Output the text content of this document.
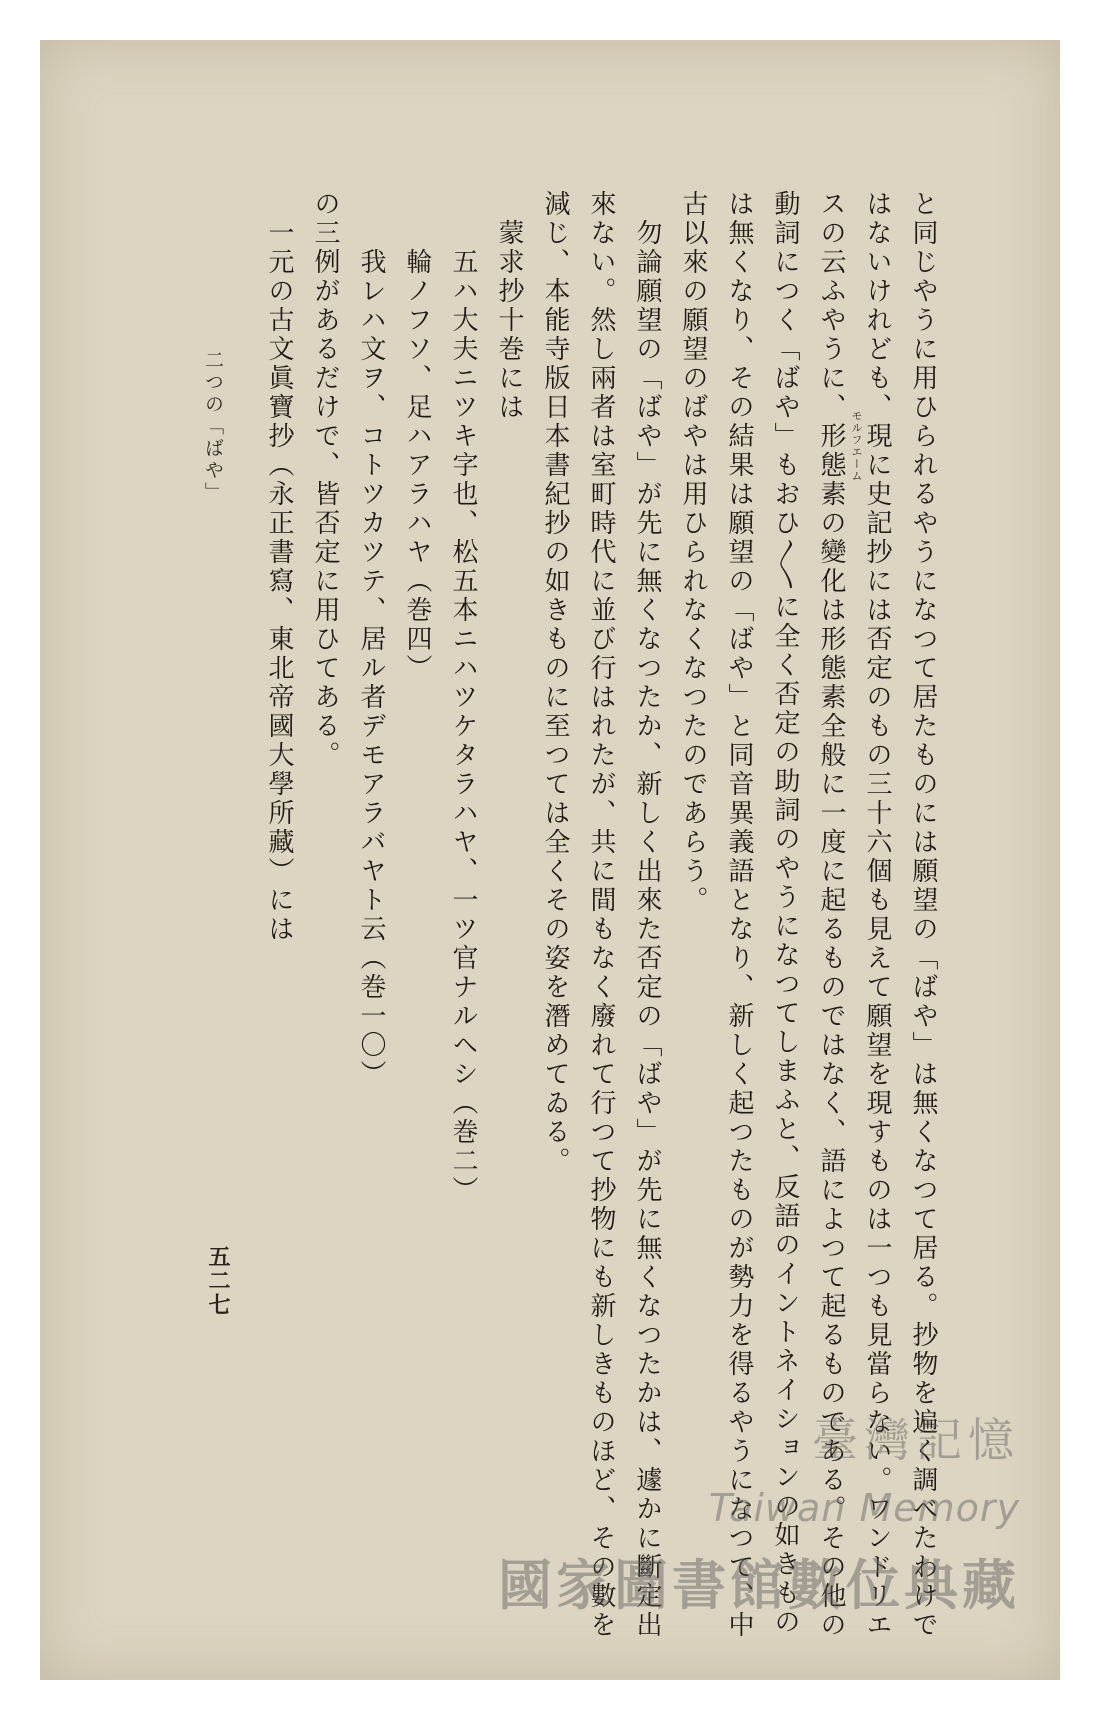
と同じやうに用ひられるやうになつて居たものには願望の「ばや」は無くなつて居る。抄物を遍く調べたわけで
はないけれども、現に史記抄には否定のもの三十六個も見えて願望を現すものは一つも見當らない。ワンドリエ
スの云ふやうに、形態素の變化は形態素全般に一度に起るものではなく、語によつて起るものである。その他の
動詞につく「ばや」もおひ〳〵に全く否定の助詞のやうになつてしまふと、反語のイントネイションの如きもの
は無くなり、その結果は願望の「ばや」と同音異義語となり、新しく起つたものが勢力を得るやうになつて、中
古以來の願望のばやは用ひられなくなつたのであらう。
　勿論願望の「ばや」が先に無くなつたか、新しく出來た否定の「ばや」が先に無くなつたかは、遽かに斷定出
來ない。然し兩者は室町時代に並び行はれたが、共に間もなく廢れて行つて抄物にも新しきものほど、その數を
減じ、本能寺版日本書紀抄の如きものに至つては全くその姿を潛めてゐる。
　蒙求抄十巻には
　　五ハ大夫ニツキ字也、松五本ニハツケタラハヤ、一ツ官ナルヘシ（巻二）
　　輪ノフソ、足ハアラハヤ（巻四）
　　我レハ文ヲ、コトツカツテ、居ル者デモアラバヤト云（巻一〇）
の三例があるだけで、皆否定に用ひてある。
　一元の古文眞寶抄（永正書寫、東北帝國大學所藏）には	モルフエーム
二つの「ばや」
五二七
臺灣記憶
Taiwan Memory
國家圖書館數位典藏
